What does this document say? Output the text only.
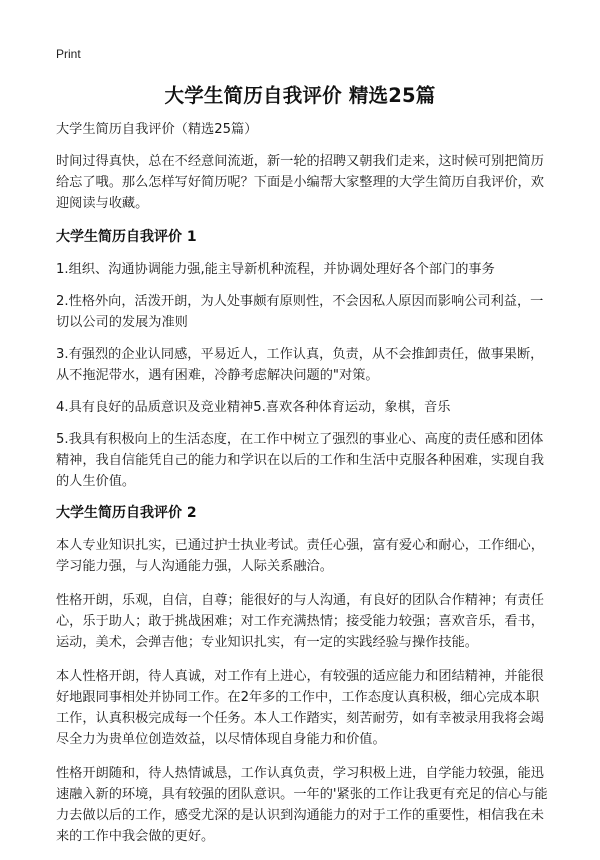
Print
大学生简历自我评价 精选25篇

大学生简历自我评价（精选25篇）

时间过得真快，总在不经意间流逝，新一轮的招聘又朝我们走来，这时候可别把简历给忘了哦。那么怎样写好简历呢？下面是小编帮大家整理的大学生简历自我评价，欢迎阅读与收藏。

大学生简历自我评价 1

1.组织、沟通协调能力强,能主导新机种流程，并协调处理好各个部门的事务

2.性格外向，活泼开朗，为人处事颇有原则性，不会因私人原因而影响公司利益，一切以公司的发展为准则

3.有强烈的企业认同感，平易近人，工作认真，负责，从不会推卸责任，做事果断，从不拖泥带水，遇有困难，冷静考虑解决问题的"对策。

4.具有良好的品质意识及竞业精神5.喜欢各种体育运动，象棋，音乐

5.我具有积极向上的生活态度，在工作中树立了强烈的事业心、高度的责任感和团体精神，我自信能凭自己的能力和学识在以后的工作和生活中克服各种困难，实现自我的人生价值。

大学生简历自我评价 2

本人专业知识扎实，已通过护士执业考试。责任心强，富有爱心和耐心，工作细心，学习能力强，与人沟通能力强，人际关系融洽。

性格开朗，乐观，自信，自尊；能很好的与人沟通，有良好的团队合作精神；有责任心，乐于助人；敢于挑战困难；对工作充满热情；接受能力较强；喜欢音乐，看书，运动，美术，会弹吉他；专业知识扎实，有一定的实践经验与操作技能。

本人性格开朗，待人真诚，对工作有上进心，有较强的适应能力和团结精神，并能很好地跟同事相处并协同工作。在2年多的工作中，工作态度认真积极，细心完成本职工作，认真积极完成每一个任务。本人工作踏实，刻苦耐劳，如有幸被录用我将会竭尽全力为贵单位创造效益，以尽情体现自身能力和价值。

性格开朗随和，待人热情诚恳，工作认真负责，学习积极上进，自学能力较强，能迅速融入新的环境，具有较强的团队意识。一年的'紧张的工作让我更有充足的信心与能力去做以后的工作，感受尤深的是认识到沟通能力的对于工作的重要性，相信我在未来的工作中我会做的更好。
